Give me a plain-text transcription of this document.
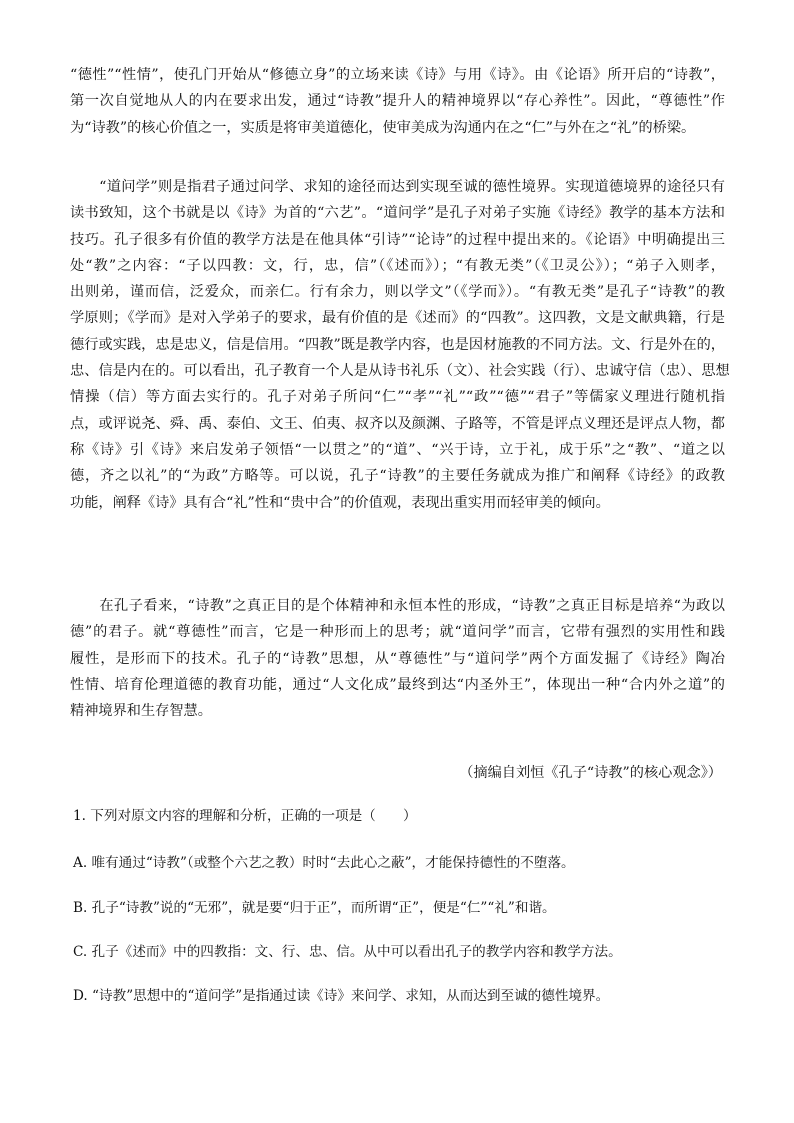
“德性”“性情”，使孔门开始从“修德立身”的立场来读《诗》与用《诗》。由《论语》所开启的“诗教”，
第一次自觉地从人的内在要求出发，通过“诗教”提升人的精神境界以“存心养性”。因此，“尊德性”作
为“诗教”的核心价值之一，实质是将审美道德化，使审美成为沟通内在之“仁”与外在之“礼”的桥梁。

　　“道问学”则是指君子通过问学、求知的途径而达到实现至诚的德性境界。实现道德境界的途径只有
读书致知，这个书就是以《诗》为首的“六艺”。“道问学”是孔子对弟子实施《诗经》教学的基本方法和
技巧。孔子很多有价值的教学方法是在他具体“引诗”“论诗”的过程中提出来的。《论语》中明确提出三
处“教”之内容：“子以四教：文，行，忠，信”（《述而》）；“有教无类”（《卫灵公》）；“弟子入则孝，
出则弟，谨而信，泛爱众，而亲仁。行有余力，则以学文”（《学而》）。“有教无类”是孔子“诗教”的教
学原则；《学而》是对入学弟子的要求，最有价值的是《述而》的“四教”。这四教，文是文献典籍，行是
德行或实践，忠是忠义，信是信用。“四教”既是教学内容，也是因材施教的不同方法。文、行是外在的，
忠、信是内在的。可以看出，孔子教育一个人是从诗书礼乐（文）、社会实践（行）、忠诚守信（忠）、思想
情操（信）等方面去实行的。孔子对弟子所问“仁”“孝”“礼”“政”“德”“君子”等儒家义理进行随机指
点，或评说尧、舜、禹、泰伯、文王、伯夷、叔齐以及颜渊、子路等，不管是评点义理还是评点人物，都
称《诗》引《诗》来启发弟子领悟“一以贯之”的“道”、“兴于诗，立于礼，成于乐”之“教”、“道之以
德，齐之以礼”的“为政”方略等。可以说，孔子“诗教”的主要任务就成为推广和阐释《诗经》的政教
功能，阐释《诗》具有合“礼”性和“贵中合”的价值观，表现出重实用而轻审美的倾向。

　　在孔子看来，“诗教”之真正目的是个体精神和永恒本性的形成，“诗教”之真正目标是培养“为政以
德”的君子。就“尊德性”而言，它是一种形而上的思考；就“道问学”而言，它带有强烈的实用性和践
履性，是形而下的技术。孔子的“诗教”思想，从“尊德性”与“道问学”两个方面发掘了《诗经》陶冶
性情、培育伦理道德的教育功能，通过“人文化成”最终到达“内圣外王”，体现出一种“合内外之道”的
精神境界和生存智慧。

（摘编自刘恒《孔子“诗教”的核心观念》）
1. 下列对原文内容的理解和分析，正确的一项是（　　）
A. 唯有通过“诗教”（或整个六艺之教）时时“去此心之蔽”，才能保持德性的不堕落。
B. 孔子“诗教”说的“无邪”，就是要“归于正”，而所谓“正”，便是“仁”“礼”和谐。
C. 孔子《述而》中的四教指：文、行、忠、信。从中可以看出孔子的教学内容和教学方法。
D. “诗教”思想中的“道问学”是指通过读《诗》来问学、求知，从而达到至诚的德性境界。
